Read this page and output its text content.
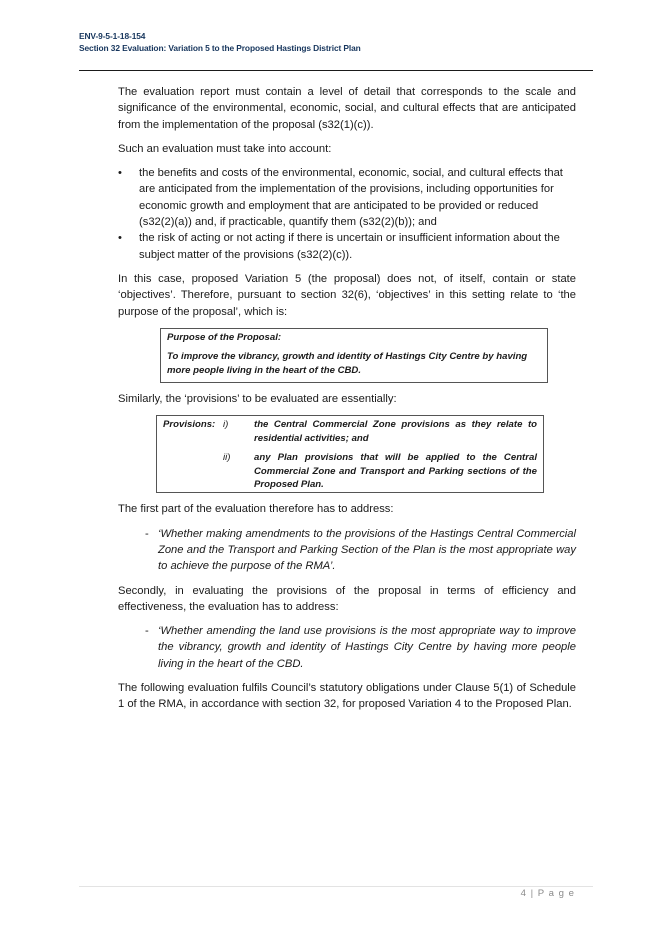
ENV-9-5-1-18-154
Section 32 Evaluation: Variation 5 to the Proposed Hastings District Plan

The evaluation report must contain a level of detail that corresponds to the scale and significance of the environmental, economic, social, and cultural effects that are anticipated from the implementation of the proposal (s32(1)(c)).

Such an evaluation must take into account:

• the benefits and costs of the environmental, economic, social, and cultural effects that are anticipated from the implementation of the provisions, including opportunities for economic growth and employment that are anticipated to be provided or reduced (s32(2)(a)) and, if practicable, quantify them (s32(2)(b)); and
• the risk of acting or not acting if there is uncertain or insufficient information about the subject matter of the provisions (s32(2)(c)).

In this case, proposed Variation 5 (the proposal) does not, of itself, contain or state ‘objectives’. Therefore, pursuant to section 32(6), ‘objectives’ in this setting relate to ‘the purpose of the proposal’, which is:

Purpose of the Proposal:
To improve the vibrancy, growth and identity of Hastings City Centre by having more people living in the heart of the CBD.

Similarly, the ‘provisions’ to be evaluated are essentially:

Provisions:	i)	the Central Commercial Zone provisions as they relate to residential activities; and
	ii)	any Plan provisions that will be applied to the Central Commercial Zone and Transport and Parking sections of the Proposed Plan.

The first part of the evaluation therefore has to address:

- ‘Whether making amendments to the provisions of the Hastings Central Commercial Zone and the Transport and Parking Section of the Plan is the most appropriate way to achieve the purpose of the RMA’.

Secondly, in evaluating the provisions of the proposal in terms of efficiency and effectiveness, the evaluation has to address:

- ‘Whether amending the land use provisions is the most appropriate way to improve the vibrancy, growth and identity of Hastings City Centre by having more people living in the heart of the CBD.

The following evaluation fulfils Council’s statutory obligations under Clause 5(1) of Schedule 1 of the RMA, in accordance with section 32, for proposed Variation 4 to the Proposed Plan.

4 | P a g e
